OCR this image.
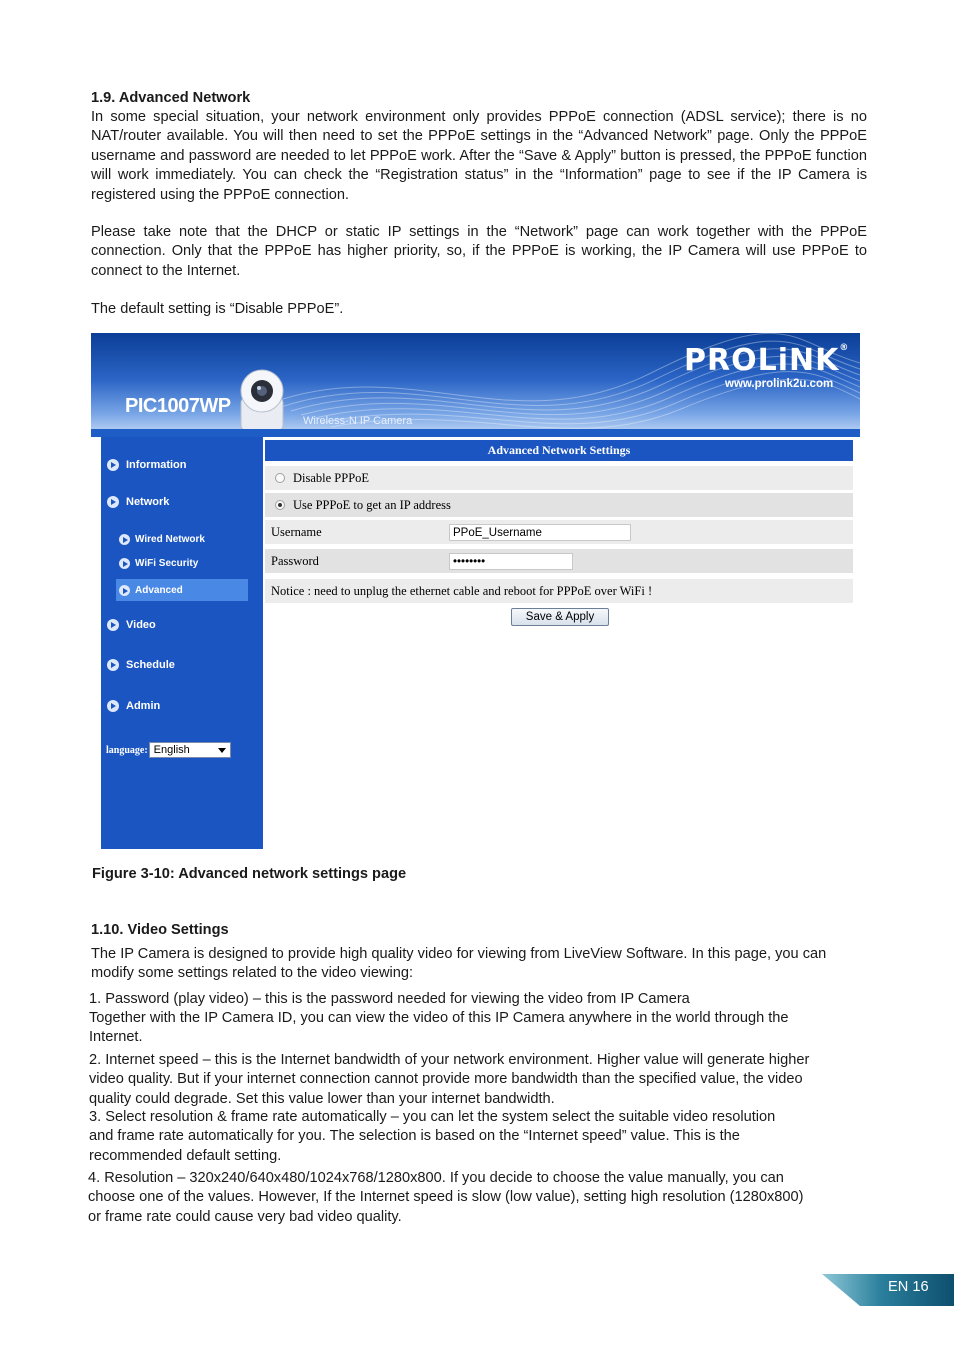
1.9. Advanced Network

In some special situation, your network environment only provides PPPoE connection (ADSL service); there is no NAT/router available. You will then need to set the PPPoE settings in the “Advanced Network” page. Only the PPPoE username and password are needed to let PPPoE work. After the “Save & Apply” button is pressed, the PPPoE function will work immediately. You can check the “Registration status” in the “Information” page to see if the IP Camera is registered using the PPPoE connection.

Please take note that the DHCP or static IP settings in the “Network” page can work together with the PPPoE connection. Only that the PPPoE has higher priority, so, if the PPPoE is working, the IP Camera will use PPPoE to connect to the Internet.

The default setting is “Disable PPPoE”.

PIC1007WP
Wireless-N IP Camera
PROLiNK®
www.prolink2u.com
Information
Network
Wired Network
WiFi Security
Advanced
Video
Schedule
Admin
language: English
Advanced Network Settings
Disable PPPoE
Use PPPoE to get an IP address
Username	PPoE_Username
Password	••••••••
Notice : need to unplug the ethernet cable and reboot for PPPoE over WiFi !
Save & Apply
Figure 3-10: Advanced network settings page
1.10. Video Settings

The IP Camera is designed to provide high quality video for viewing from LiveView Software. In this page, you can modify some settings related to the video viewing:

1. Password (play video) – this is the password needed for viewing the video from IP Camera

Together with the IP Camera ID, you can view the video of this IP Camera anywhere in the world through the Internet.

2. Internet speed – this is the Internet bandwidth of your network environment. Higher value will generate higher video quality. But if your internet connection cannot provide more bandwidth than the specified value, the video quality could degrade. Set this value lower than your internet bandwidth.

3. Select resolution & frame rate automatically – you can let the system select the suitable video resolution and frame rate automatically for you. The selection is based on the “Internet speed” value. This is the recommended default setting.

4. Resolution – 320x240/640x480/1024x768/1280x800. If you decide to choose the value manually, you can choose one of the values. However, If the Internet speed is slow (low value), setting high resolution (1280x800) or frame rate could cause very bad video quality.

EN 16
